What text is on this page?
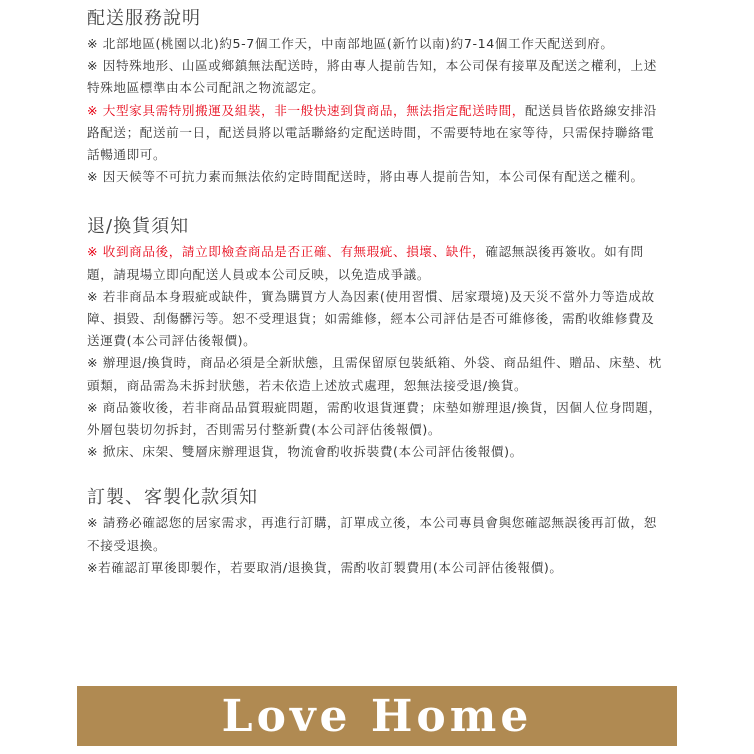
配送服務說明

※ 北部地區(桃園以北)約5-7個工作天，中南部地區(新竹以南)約7-14個工作天配送到府。

※ 因特殊地形、山區或鄉鎮無法配送時，將由專人提前告知，本公司保有接單及配送之權利，上述特殊地區標準由本公司配訊之物流認定。

※ 大型家具需特別搬運及組裝，非一般快速到貨商品，無法指定配送時間，配送員皆依路線安排沿路配送；配送前一日，配送員將以電話聯絡約定配送時間，不需要特地在家等待，只需保持聯絡電話暢通即可。

※ 因天候等不可抗力素而無法依約定時間配送時，將由專人提前告知，本公司保有配送之權利。

退/換貨須知

※ 收到商品後，請立即檢查商品是否正確、有無瑕疵、損壞、缺件，確認無誤後再簽收。如有問題，請現場立即向配送人員或本公司反映，以免造成爭議。

※ 若非商品本身瑕疵或缺件，實為購買方人為因素(使用習慣、居家環境)及天災不當外力等造成故障、損毀、刮傷髒污等。恕不受理退貨；如需維修，經本公司評估是否可維修後，需酌收維修費及送運費(本公司評估後報價)。

※ 辦理退/換貨時，商品必須是全新狀態，且需保留原包裝紙箱、外袋、商品組件、贈品、床墊、枕頭類，商品需為未拆封狀態，若未依造上述放式處理，恕無法接受退/換貨。

※ 商品簽收後，若非商品品質瑕疵問題，需酌收退貨運費；床墊如辦理退/換貨，因個人位身問題，外層包裝切勿拆封，否則需另付整新費(本公司評估後報價)。

※ 掀床、床架、雙層床辦理退貨，物流會酌收拆裝費(本公司評估後報價)。

訂製、客製化款須知

※ 請務必確認您的居家需求，再進行訂購，訂單成立後，本公司專員會與您確認無誤後再訂做，恕不接受退換。

※若確認訂單後即製作，若要取消/退換貨，需酌收訂製費用(本公司評估後報價)。

Love Home
